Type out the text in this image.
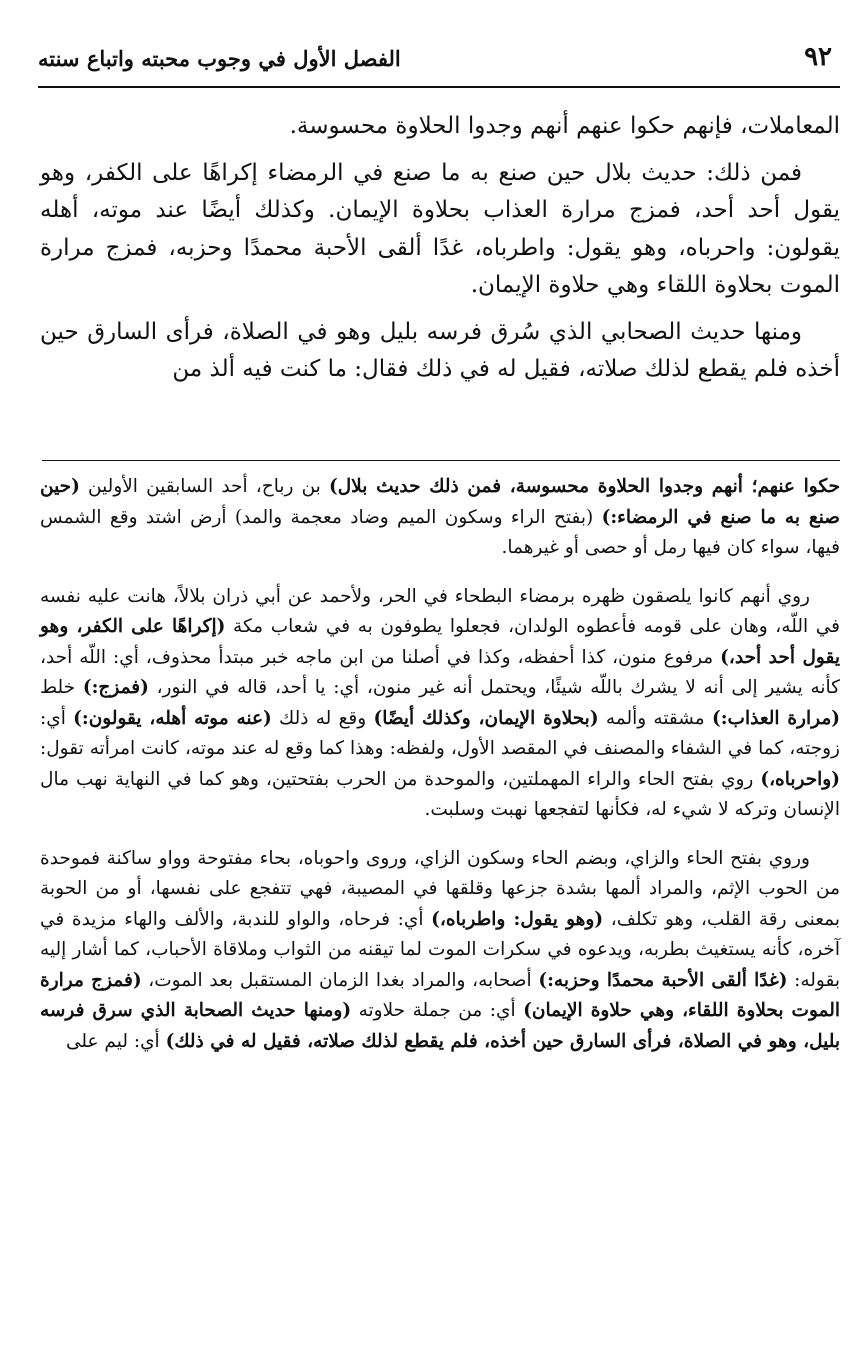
٩٢
الفصل الأول في وجوب محبته واتباع سنته

المعاملات، فإنهم حكوا عنهم أنهم وجدوا الحلاوة محسوسة.

فمن ذلك: حديث بلال حين صنع به ما صنع في الرمضاء إكراهًا على الكفر، وهو يقول أحد أحد، فمزج مرارة العذاب بحلاوة الإيمان. وكذلك أيضًا عند موته، أهله يقولون: واحرباه، وهو يقول: واطرباه، غدًا ألقى الأحبة محمدًا وحزبه، فمزج مرارة الموت بحلاوة اللقاء وهي حلاوة الإيمان.

ومنها حديث الصحابي الذي سُرق فرسه بليل وهو في الصلاة، فرأى السارق حين أخذه فلم يقطع لذلك صلاته، فقيل له في ذلك فقال: ما كنت فيه ألذ من

حكوا عنهم؛ أنهم وجدوا الحلاوة محسوسة، فمن ذلك حديث بلال) بن رباح، أحد السابقين الأولين (حين صنع به ما صنع في الرمضاء:) (بفتح الراء وسكون الميم وضاد معجمة والمد) أرض اشتد وقع الشمس فيها، سواء كان فيها رمل أو حصى أو غيرهما.

روي أنهم كانوا يلصقون ظهره برمضاء البطحاء في الحر، ولأحمد عن أبي ذران بلالاً، هانت عليه نفسه في اللّه، وهان على قومه فأعطوه الولدان، فجعلوا يطوفون به في شعاب مكة (إكراهًا على الكفر، وهو يقول أحد أحد،) مرفوع منون، كذا أحفظه، وكذا في أصلنا من ابن ماجه خبر مبتدأ محذوف، أي: اللّه أحد، كأنه يشير إلى أنه لا يشرك باللّه شيئًا، ويحتمل أنه غير منون، أي: يا أحد، قاله في النور، (فمزج:) خلط (مرارة العذاب:) مشقته وألمه (بحلاوة الإيمان، وكذلك أيضًا) وقع له ذلك (عنه موته أهله، يقولون:) أي: زوجته، كما في الشفاء والمصنف في المقصد الأول، ولفظه: وهذا كما وقع له عند موته، كانت امرأته تقول: (واحرباه،) روي بفتح الحاء والراء المهملتين، والموحدة من الحرب بفتحتين، وهو كما في النهاية نهب مال الإنسان وتركه لا شيء له، فكأنها لتفجعها نهبت وسلبت.

وروي بفتح الحاء والزاي، وبضم الحاء وسكون الزاي، وروى واحوباه، بحاء مفتوحة وواو ساكنة فموحدة من الحوب الإثم، والمراد ألمها بشدة جزعها وقلقها في المصيبة، فهي تتفجع على نفسها، أو من الحوبة بمعنى رقة القلب، وهو تكلف، (وهو يقول: واطرباه،) أي: فرحاه، والواو للندبة، والألف والهاء مزيدة في آخره، كأنه يستغيث بطربه، ويدعوه في سكرات الموت لما تيقنه من الثواب وملاقاة الأحباب، كما أشار إليه بقوله: (غدًا ألقى الأحبة محمدًا وحزبه:) أصحابه، والمراد بغدا الزمان المستقبل بعد الموت، (فمزج مرارة الموت بحلاوة اللقاء، وهي حلاوة الإيمان) أي: من جملة حلاوته (ومنها حديث الصحابة الذي سرق فرسه بليل، وهو في الصلاة، فرأى السارق حين أخذه، فلم يقطع لذلك صلاته، فقيل له في ذلك) أي: ليم على
